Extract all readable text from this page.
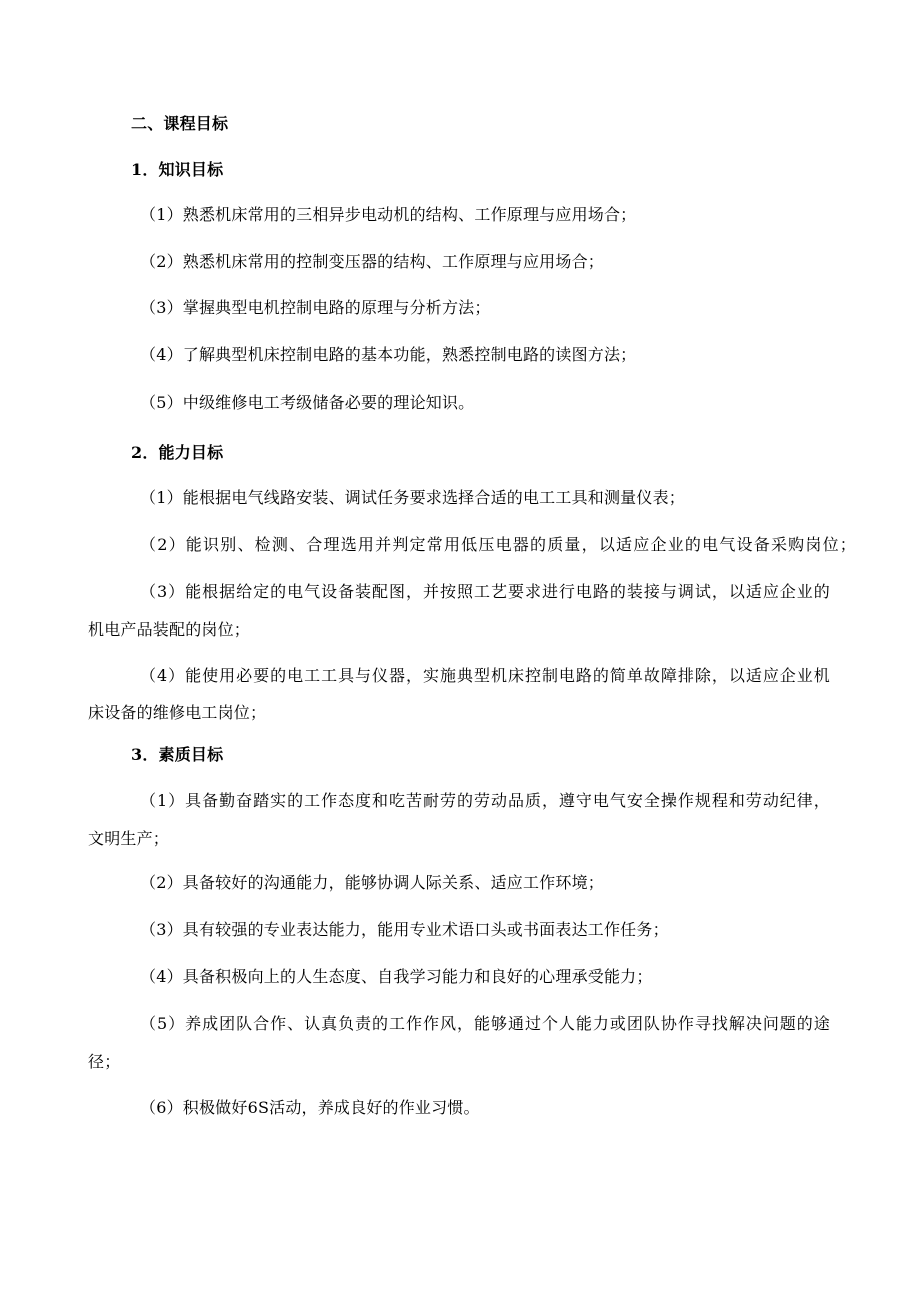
二、课程目标
1．知识目标
（1）熟悉机床常用的三相异步电动机的结构、工作原理与应用场合；
（2）熟悉机床常用的控制变压器的结构、工作原理与应用场合；
（3）掌握典型电机控制电路的原理与分析方法；
（4）了解典型机床控制电路的基本功能，熟悉控制电路的读图方法；
（5）中级维修电工考级储备必要的理论知识。
2．能力目标
（1）能根据电气线路安装、调试任务要求选择合适的电工工具和测量仪表；
（2）能识别、检测、合理选用并判定常用低压电器的质量，以适应企业的电气设备采购岗位；
（3）能根据给定的电气设备装配图，并按照工艺要求进行电路的装接与调试，以适应企业的
机电产品装配的岗位；
（4）能使用必要的电工工具与仪器，实施典型机床控制电路的简单故障排除，以适应企业机
床设备的维修电工岗位；
3．素质目标
（1）具备勤奋踏实的工作态度和吃苦耐劳的劳动品质，遵守电气安全操作规程和劳动纪律，
文明生产；
（2）具备较好的沟通能力，能够协调人际关系、适应工作环境；
（3）具有较强的专业表达能力，能用专业术语口头或书面表达工作任务；
（4）具备积极向上的人生态度、自我学习能力和良好的心理承受能力；
（5）养成团队合作、认真负责的工作作风，能够通过个人能力或团队协作寻找解决问题的途
径；
（6）积极做好6S活动，养成良好的作业习惯。
